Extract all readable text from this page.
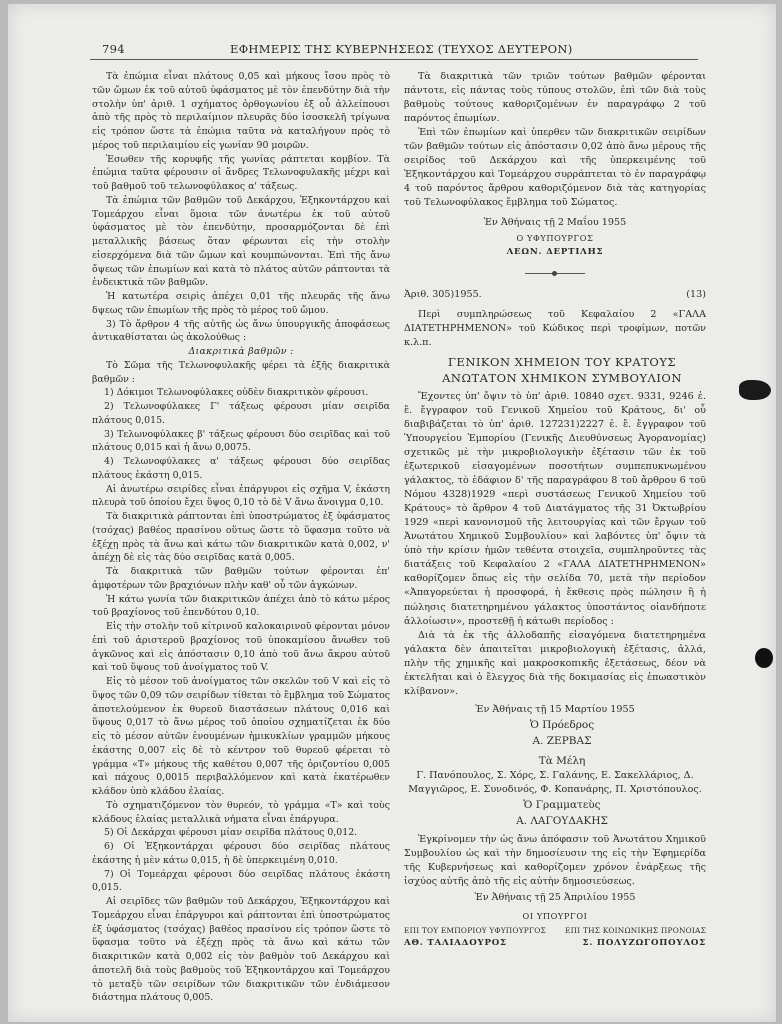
794	ΕΦΗΜΕΡΙΣ ΤΗΣ ΚΥΒΕΡΝΗΣΕΩΣ (ΤΕΥΧΟΣ ΔΕΥΤΕΡΟΝ)

Τὰ ἐπώμια εἶναι πλάτους 0,05 καὶ μήκους ἴσου πρὸς τὸ τῶν ὤμων ἐκ τοῦ αὐτοῦ ὑφάσματος μὲ τὸν ἐπενδύτην διὰ τὴν στολὴν ὑπ' ἀριθ. 1 σχήματος ὀρθογωνίου ἐξ οὗ ἀλλείπουσι ἀπὸ τῆς πρὸς τὸ περιλαίμιον πλευρᾶς δύο ἰσοσκελῆ τρίγωνα εἰς τρόπον ὥστε τὰ ἐπώμια ταῦτα νὰ καταλήγουν πρὸς τὸ μέρος τοῦ περιλαιμίου εἰς γωνίαν 90 μοιρῶν.

Ἐσωθεν τῆς κορυφῆς τῆς γωνίας ράπτεται κομβίον. Τὰ ἐπώμια ταῦτα φέρουσιν οἱ ἄνδρες Τελωνοφυλακῆς μέχρι καὶ τοῦ βαθμοῦ τοῦ τελωνοφύλακος α' τάξεως.

Τὰ ἐπώμια τῶν βαθμῶν τοῦ Δεκάρχου, Ἑξηκοντάρχου καὶ Τομεάρχου εἶναι ὅμοια τῶν ἀνωτέρω ἐκ τοῦ αὐτοῦ ὑφάσματος μὲ τὸν ἐπενδύτην, προσαρμόζονται δὲ ἐπὶ μεταλλικῆς βάσεως ὅταν φέρωνται εἰς τὴν στολὴν εἰσερχόμενα διὰ τῶν ὤμων καὶ κουμπώνονται. Ἐπὶ τῆς ἄνω ὄψεως τῶν ἐπωμίων καὶ κατὰ τὸ πλάτος αὐτῶν ράπτονται τὰ ἐνδεικτικὰ τῶν βαθμῶν.

Ἡ κατωτέρα σειρὶς ἀπέχει 0,01 τῆς πλευρᾶς τῆς ἄνω δψεως τῶν ἐπωμίων τῆς πρὸς τὸ μέρος τοῦ ὤμου.

3) Τὸ ἄρθρον 4 τῆς αὐτῆς ὡς ἄνω ὑπουργικῆς ἀποφάσεως ἀντικαθίσταται ὡς ἀκολούθως :

Διακριτικὰ βαθμῶν :

Τὸ Σῶμα τῆς Τελωνοφυλακῆς φέρει τὰ ἑξῆς διακριτικὰ βαθμῶν :

1) Δόκιμοι Τελωνοφύλακες οὐδὲν διακριτικὸν φέρουσι.

2) Τελωνοφύλακες Γ' τάξεως φέρουσι μίαν σειρῖδα πλάτους 0,015.

3) Τελωνοφύλακες β' τάξεως φέρουσι δύο σειρῖδας καὶ τοῦ πλάτους 0,015 καὶ ἡ ἄνω 0,0075.

4) Τελωνοφύλακες α' τάξεως φέρουσι δύο σειρῖδας πλάτους ἑκάστη 0,015.

Αἱ ἀνωτέρω σειρίδες εἶναι ἐπάργυροι εἰς σχῆμα V, ἑκάστη πλευρὰ τοῦ ὁποίου ἔχει ὕψος 0,10 τὸ δὲ V ἄνω ἄνοιγμα 0,10.

Τὰ διακριτικὰ ράπτονται ἐπὶ ὑποστρώματος ἐξ ὑφάσματος (τσόχας) βαθέος πρασίνου οὕτως ὥστε τὸ ὕφασμα τοῦτο νὰ ἐξέχῃ πρὸς τὰ ἄνω καὶ κάτω τῶν διακριτικῶν κατὰ 0,002, ν' ἀπέχῃ δὲ εἰς τὰς δύο σειρῖδας κατὰ 0,005.

Τὰ διακριτικὰ τῶν βαθμῶν τούτων φέρονται ἐπ' ἀμφοτέρων τῶν βραχιόνων πλὴν καθ' οὗ τῶν ἀγκώνων.

Ἡ κάτω γωνία τῶν διακριτικῶν ἀπέχει ἀπὸ τὸ κάτω μέρος τοῦ βραχίονος τοῦ ἐπενδύτου 0,10.

Εἰς τὴν στολὴν τοῦ κίτρινοῦ καλοκαιρινοῦ φέρονται μόνον ἐπὶ τοῦ ἀριστεροῦ βραχίονος τοῦ ὑποκαμίσου ἄνωθεν τοῦ ἀγκῶνος καὶ εἰς ἀπόστασιν 0,10 ἀπὸ τοῦ ἄνω ἄκρου αὐτοῦ καὶ τοῦ ὕψους τοῦ ἀνοίγματος τοῦ V.

Εἰς τὸ μέσον τοῦ ἀνοίγματος τῶν σκελῶν τοῦ V καὶ εἰς τὸ ὕψος τῶν 0,09 τῶν σειρίδων τίθεται τὸ ἔμβλημα τοῦ Σώματος ἀποτελούμενον ἐκ θυρεοῦ διαστάσεων πλάτους 0,016 καὶ ὕψους 0,017 τὸ ἄνω μέρος τοῦ ὁποίου σχηματίζεται ἐκ δύο εἰς τὸ μέσον αὐτῶν ἑνουμένων ἡμικυκλίων γραμμῶν μήκους ἑκάστης 0,007 εἰς δὲ τὸ κέντρον τοῦ θυρεοῦ φέρεται τὸ γράμμα «Τ» μήκους τῆς καθέτου 0,007 τῆς ὁριζοντίου 0,005 καὶ πάχους 0,0015 περιβαλλόμενον καὶ κατὰ ἑκατέρωθεν κλάδον ὑπὸ κλάδου ἐλαίας.

Τὸ σχηματιζόμενον τὸν θυρεόν, τὸ γράμμα «Τ» καὶ τοὺς κλάδους ἐλαίας μεταλλικὰ νήματα εἶναι ἐπάργυρα.

5) Οἱ Δεκάρχαι φέρουσι μίαν σειρῖδα πλάτους 0,012.

6) Οἱ Ἑξηκοντάρχαι φέρουσι δύο σειρῖδας πλάτους ἑκάστης ἡ μὲν κάτω 0,015, ἡ δὲ ὑπερκειμένη 0,010.

7) Οἱ Τομεάρχαι φέρουσι δύο σειρῖδας πλάτους ἑκάστη 0,015.

Αἱ σειρῖδες τῶν βαθμῶν τοῦ Δεκάρχου, Ἑξηκοντάρχου καὶ Τομεάρχου εἶναι ἐπάργυροι καὶ ράπτονται ἐπὶ ὑποστρώματος ἐξ ὑφάσματος (τσόχας) βαθέος πρασίνου εἰς τρόπον ὥστε τὸ ὕφασμα τοῦτο νὰ ἐξέχῃ πρὸς τὰ ἄνω καὶ κάτω τῶν διακριτικῶν κατὰ 0,002 εἰς τὸν βαθμὸν τοῦ Δεκάρχου καὶ ἀποτελῆ διὰ τοὺς βαθμοὺς τοῦ Ἑξηκοντάρχου καὶ Τομεάρχου τὸ μεταξὺ τῶν σειρίδων τῶν διακριτικῶν τῶν ἐνδιάμεσον διάστημα πλάτους 0,005.

Τὰ διακριτικὰ τῶν τριῶν τούτων βαθμῶν φέρονται πάντοτε, εἰς πάντας τοὺς τύπους στολῶν, ἐπὶ τῶν διὰ τοὺς βαθμοὺς τούτους καθοριζομένων ἐν παραγράφῳ 2 τοῦ παρόντος ἐπωμίων.

Ἐπὶ τῶν ἐπωμίων καὶ ὑπερθεν τῶν διακριτικῶν σειρίδων τῶν βαθμῶν τούτων εἰς ἀπόστασιν 0,02 ἀπὸ ἄνω μέρους τῆς σειρίδος τοῦ Δεκάρχου καὶ τῆς ὑπερκειμένης τοῦ Ἑξηκοντάρχου καὶ Τομεάρχου συρράπτεται τὸ ἐν παραγράφῳ 4 τοῦ παρόντος ἄρθρου καθοριζόμενον διὰ τὰς κατηγορίας τοῦ Τελωνοφύλακος ἔμβλημα τοῦ Σώματος.

Ἐν Ἀθήναις τῇ 2 Μαΐου 1955

Ο ΥΦΥΠΟΥΡΓΟΣ

ΛΕΩΝ. ΔΕΡΤΙΛΗΣ

Ἀριθ. 305)1955.	(13)

Περὶ συμπληρώσεως τοῦ Κεφαλαίου 2 «ΓΑΛΑ ΔΙΑΤΕΤΗΡΗΜΕΝΟΝ» τοῦ Κώδικος περὶ τροφίμων, ποτῶν κ.λ.π.

ΓΕΝΙΚΟΝ ΧΗΜΕΙΟΝ ΤΟΥ ΚΡΑΤΟΥΣ

ΑΝΩΤΑΤΟΝ ΧΗΜΙΚΟΝ ΣΥΜΒΟΥΛΙΟΝ

Ἔχοντες ὑπ' ὄψιν τὸ ὑπ' ἀριθ. 10840 σχετ. 9331, 9246 ἐ. ἔ. ἔγγραφον τοῦ Γενικοῦ Χημείου τοῦ Κράτους, δι' οὗ διαβιβάζεται τὸ ὑπ' ἀριθ. 127231)2227 ἐ. ἔ. ἔγγραφον τοῦ Ὑπουργείου Ἐμπορίου (Γενικῆς Διευθύνσεως Ἀγορανομίας) σχετικῶς μὲ τὴν μικροβιολογικὴν ἐξέτασιν τῶν ἐκ τοῦ ἐξωτερικοῦ εἰσαγομένων ποσοτήτων συμπεπυκνωμένου γάλακτος, τὸ ἐδάφιον δ' τῆς παραγράφου 8 τοῦ ἄρθρου 6 τοῦ Νόμου 4328)1929 «περὶ συστάσεως Γενικοῦ Χημείου τοῦ Κράτους» τὸ ἄρθρον 4 τοῦ Διατάγματος τῆς 31 Ὀκτωβρίου 1929 «περὶ κανονισμοῦ τῆς λειτουργίας καὶ τῶν ἔργων τοῦ Ἀνωτάτου Χημικοῦ Συμβουλίου» καὶ λαβόντες ὑπ' ὄψιν τὰ ὑπὸ τὴν κρίσιν ἡμῶν τεθέντα στοιχεῖα, συμπληροῦντες τὰς διατάξεις τοῦ Κεφαλαίου 2 «ΓΑΛΑ ΔΙΑΤΕΤΗΡΗΜΕΝΟΝ» καθορίζομεν ὅπως εἰς τὴν σελίδα 70, μετὰ τὴν περίοδον «Ἀπαγορεύεται ἡ προσφορά, ἡ ἔκθεσις πρὸς πώλησιν ἢ ἡ πώλησις διατετηρημένου γάλακτος ὑποστάντος οἱανδήποτε ἀλλοίωσιν», προστεθῇ ἡ κάτωθι περίοδος :

Διὰ τὰ ἐκ τῆς ἀλλοδαπῆς εἰσαγόμενα διατετηρημένα γάλακτα δὲν ἀπαιτεῖται μικροβιολογικὴ ἐξέτασις, ἀλλά, πλὴν τῆς χημικῆς καὶ μακροσκοπικῆς ἐξετάσεως, δέον νὰ ἐκτελῆται καὶ ὁ ἔλεγχος διὰ τῆς δοκιμασίας εἰς ἐπωαστικὸν κλίβανον».

Ἐν Ἀθήναις τῇ 15 Μαρτίου 1955

Ὁ Πρόεδρος

Α. ΖΕΡΒΑΣ

Τὰ Μέλη

Γ. Πανόπουλος, Σ. Χόρς, Σ. Γαλάνης, Ε. Σακελλάριος, Δ. Μαγγιῶρος, Ε. Συνοδινός, Φ. Κοπανάρης, Π. Χριστόπουλος.

Ὁ Γραμματεὺς

Α. ΛΑΓΟΥΔΑΚΗΣ

Ἐγκρίνομεν τὴν ὡς ἄνω ἀπόφασιν τοῦ Ἀνωτάτου Χημικοῦ Συμβουλίου ὡς καὶ τὴν δημοσίευσιν της εἰς τὴν Ἐφημερίδα τῆς Κυβερνήσεως καὶ καθορίζομεν χρόνον ἐνάρξεως τῆς ἰσχύος αὐτῆς ἀπὸ τῆς εἰς αὐτὴν δημοσιεύσεως.

Ἐν Ἀθήναις τῇ 25 Ἀπριλίου 1955

ΟΙ ΥΠΟΥΡΓΟΙ

ΕΠΙ ΤΟΥ ΕΜΠΟΡΙΟΥ ΥΦΥΠΟΥΡΓΟΣ	ΕΠΙ ΤΗΣ ΚΟΙΝΩΝΙΚΗΣ ΠΡΟΝΟΙΑΣ
ΑΘ. ΤΑΛΙΑΔΟΥΡΟΣ	Σ. ΠΟΛΥΖΩΓΟΠΟΥΛΟΣ
